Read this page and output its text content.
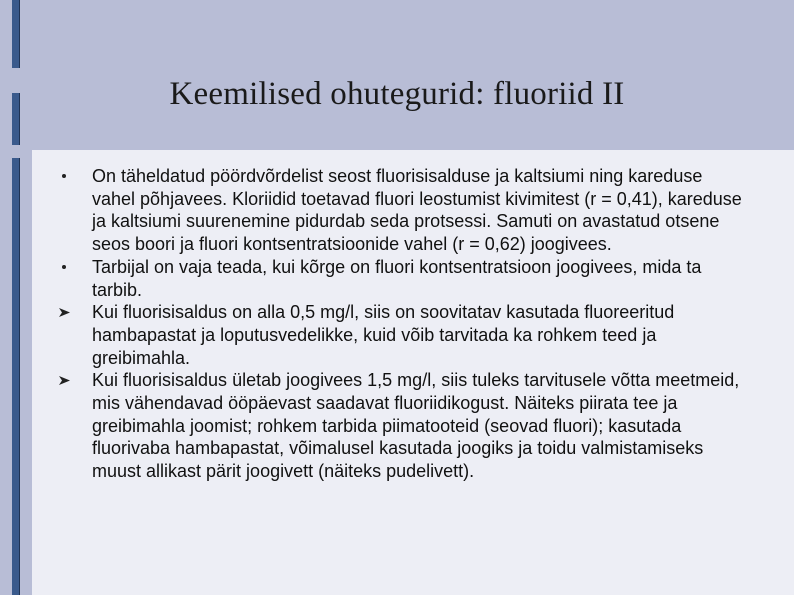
Keemilised ohutegurid: fluoriid II
On täheldatud pöördvõrdelist seost fluorisisalduse ja kaltsiumi ning kareduse vahel põhjavees. Kloriidid toetavad fluori leostumist kivimitest (r = 0,41), kareduse ja kaltsiumi suurenemine pidurdab seda protsessi. Samuti on avastatud otsene seos boori ja fluori kontsentratsioonide vahel (r = 0,62) joogivees.
Tarbijal on vaja teada, kui kõrge on fluori kontsentratsioon joogivees, mida ta tarbib.
Kui fluorisisaldus on alla 0,5 mg/l, siis on soovitatav kasutada fluoreeritud hambapastat ja loputusvedelikke, kuid võib tarvitada ka rohkem teed ja greibimahla.
Kui fluorisisaldus ületab joogivees 1,5 mg/l, siis tuleks tarvitusele võtta meetmeid, mis vähendavad ööpäevast saadavat fluoriidikogust. Näiteks piirata tee ja greibimahla joomist; rohkem tarbida piimatooteid (seovad fluori); kasutada fluorivaba hambapastat, võimalusel kasutada joogiks ja toidu valmistamiseks muust allikast pärit joogivett (näiteks pudelivett).
